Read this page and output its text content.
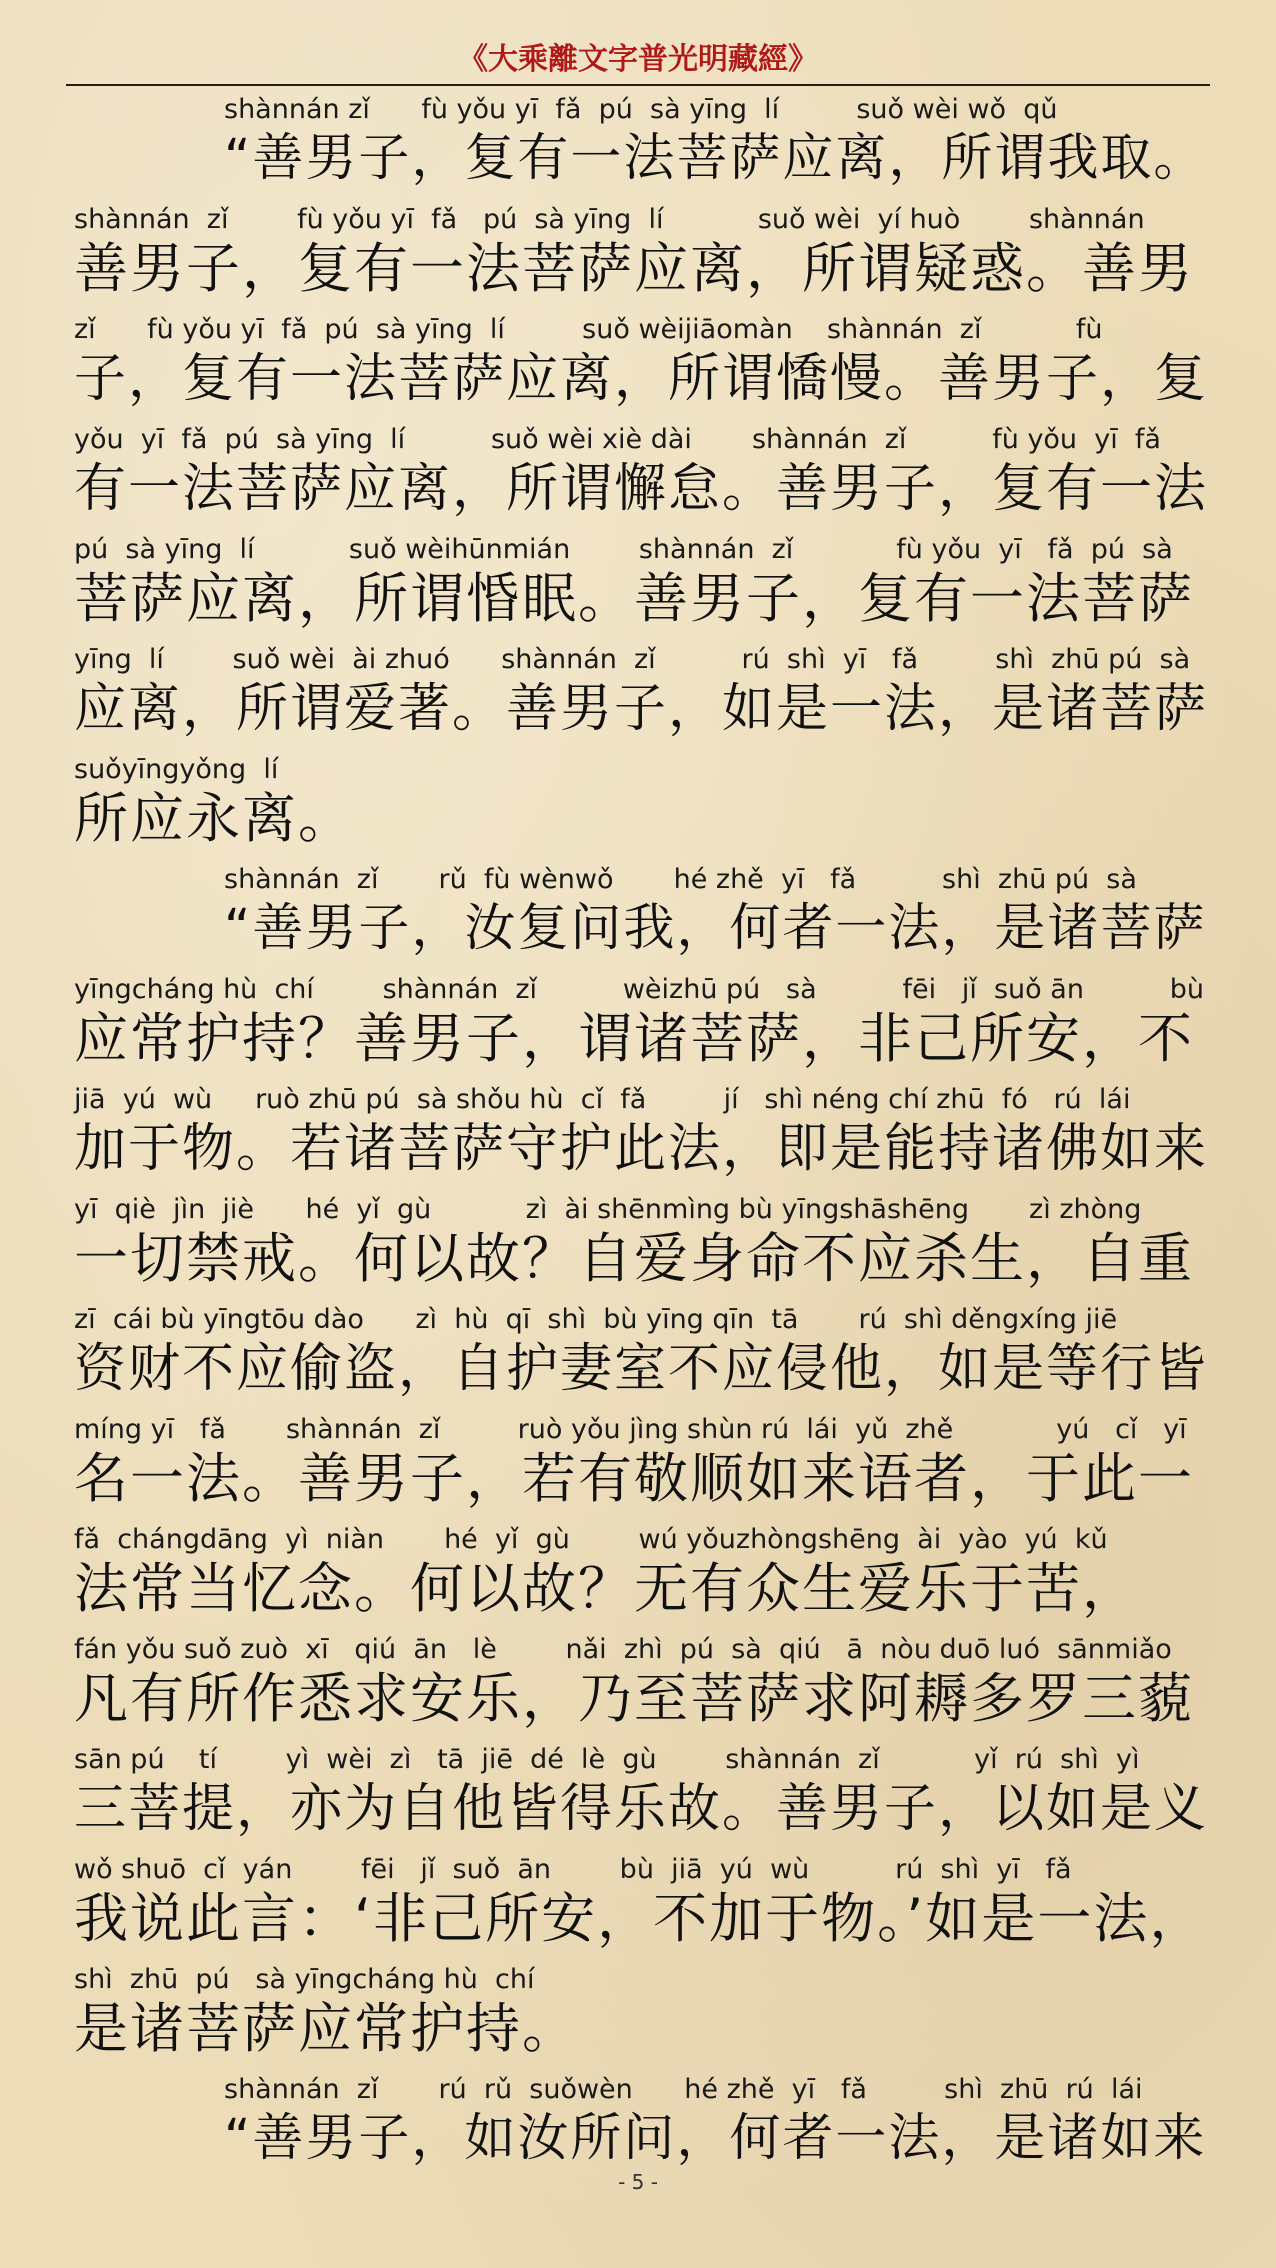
《大乘離文字普光明藏經》
shànnán zǐ      fù yǒu yī  fǎ  pú  sà yīng  lí         suǒ wèi wǒ  qǔ
“善男子，复有一法菩萨应离，所谓我取。
shànnán  zǐ        fù yǒu yī  fǎ   pú  sà yīng  lí           suǒ wèi  yí huò        shànnán
善男子，复有一法菩萨应离，所谓疑惑。善男
zǐ      fù yǒu yī  fǎ  pú  sà yīng  lí         suǒ wèijiāomàn    shànnán  zǐ           fù
子，复有一法菩萨应离，所谓憍慢。善男子，复
yǒu  yī  fǎ  pú  sà yīng  lí          suǒ wèi xiè dài       shànnán  zǐ          fù yǒu  yī  fǎ
有一法菩萨应离，所谓懈怠。善男子，复有一法
pú  sà yīng  lí           suǒ wèihūnmián        shànnán  zǐ            fù yǒu  yī   fǎ  pú  sà
菩萨应离，所谓惛眠。善男子，复有一法菩萨
yīng  lí        suǒ wèi  ài zhuó      shànnán  zǐ          rú  shì  yī   fǎ         shì  zhū pú  sà
应离，所谓爱著。善男子，如是一法，是诸菩萨
suǒyīngyǒng  lí
所应永离。
shànnán  zǐ       rǔ  fù wènwǒ       hé zhě  yī   fǎ          shì  zhū pú  sà
“善男子，汝复问我，何者一法，是诸菩萨
yīngcháng hù  chí        shànnán  zǐ          wèizhū pú   sà          fēi   jǐ  suǒ ān          bù
应常护持？善男子，谓诸菩萨，非己所安，不
jiā  yú  wù     ruò zhū pú  sà shǒu hù  cǐ  fǎ         jí   shì néng chí zhū  fó   rú  lái
加于物。若诸菩萨守护此法，即是能持诸佛如来
yī  qiè  jìn  jiè      hé  yǐ  gù           zì  ài shēnmìng bù yīngshāshēng       zì zhòng
一切禁戒。何以故？自爱身命不应杀生，自重
zī  cái bù yīngtōu dào      zì  hù  qī  shì  bù yīng qīn  tā       rú  shì děngxíng jiē
资财不应偷盗，自护妻室不应侵他，如是等行皆
míng yī   fǎ       shànnán  zǐ         ruò yǒu jìng shùn rú  lái  yǔ  zhě            yú   cǐ   yī
名一法。善男子，若有敬顺如来语者，于此一
fǎ  chángdāng  yì  niàn       hé  yǐ  gù        wú yǒuzhòngshēng  ài  yào  yú  kǔ
法常当忆念。何以故？无有众生爱乐于苦，
fán yǒu suǒ zuò  xī   qiú  ān   lè        nǎi  zhì  pú  sà  qiú   ā  nòu duō luó  sānmiǎo
凡有所作悉求安乐，乃至菩萨求阿耨多罗三藐
sān pú    tí        yì  wèi  zì   tā  jiē  dé  lè  gù        shànnán  zǐ           yǐ  rú  shì  yì
三菩提，亦为自他皆得乐故。善男子，以如是义
wǒ shuō  cǐ  yán        fēi   jǐ  suǒ  ān        bù  jiā  yú  wù          rú  shì  yī   fǎ
我说此言：‘非己所安，不加于物。’如是一法，
shì  zhū  pú   sà yīngcháng hù  chí
是诸菩萨应常护持。
shànnán  zǐ       rú  rǔ  suǒwèn      hé zhě  yī   fǎ         shì  zhū  rú  lái
“善男子，如汝所问，何者一法，是诸如来
- 5 -
